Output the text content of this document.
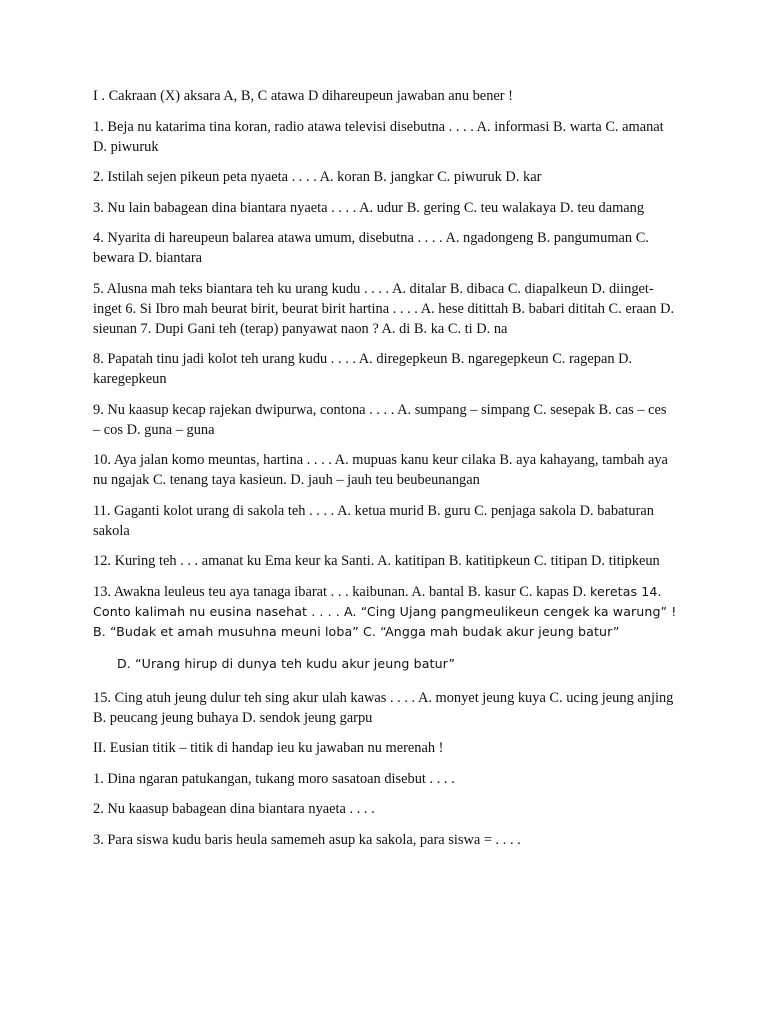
I . Cakraan (X) aksara A, B, C atawa D dihareupeun jawaban anu bener !

1. Beja nu katarima tina koran, radio atawa televisi disebutna . . . . A. informasi B. warta C. amanat D. piwuruk

2. Istilah sejen pikeun peta nyaeta . . . . A. koran B. jangkar C. piwuruk D. kar

3. Nu lain babagean dina biantara nyaeta . . . . A. udur B. gering C. teu walakaya D. teu damang

4. Nyarita di hareupeun balarea atawa umum, disebutna . . . . A. ngadongeng B. pangumuman C. bewara D. biantara

5. Alusna mah teks biantara teh ku urang kudu . . . . A. ditalar B. dibaca C. diapalkeun D. diinget-inget 6. Si Ibro mah beurat birit, beurat birit hartina . . . . A. hese ditittah B. babari dititah C. eraan D. sieunan 7. Dupi Gani teh (terap) panyawat naon ? A. di B. ka C. ti D. na

8. Papatah tinu jadi kolot teh urang kudu . . . . A. diregepkeun B. ngaregepkeun C. ragepan D. karegepkeun

9. Nu kaasup kecap rajekan dwipurwa, contona . . . . A. sumpang – simpang C. sesepak B. cas – ces – cos D. guna – guna

10. Aya jalan komo meuntas, hartina . . . . A. mupuas kanu keur cilaka B. aya kahayang, tambah aya nu ngajak C. tenang taya kasieun. D. jauh – jauh teu beubeunangan

11. Gaganti kolot urang di sakola teh . . . . A. ketua murid B. guru C. penjaga sakola D. babaturan sakola

12. Kuring teh . . . amanat ku Ema keur ka Santi. A. katitipan B. katitipkeun C. titipan D. titipkeun

13. Awakna leuleus teu aya tanaga ibarat . . . kaibunan. A. bantal B. kasur C. kapas D. keretas 14. Conto kalimah nu eusina nasehat . . . . A. “Cing Ujang pangmeulikeun cengek ka warung” ! B. “Budak et amah musuhna meuni loba” C. “Angga mah budak akur jeung batur”

D. “Urang hirup di dunya teh kudu akur jeung batur”

15. Cing atuh jeung dulur teh sing akur ulah kawas . . . . A. monyet jeung kuya C. ucing jeung anjing B. peucang jeung buhaya D. sendok jeung garpu

II. Eusian titik – titik di handap ieu ku jawaban nu merenah !

1. Dina ngaran patukangan, tukang moro sasatoan disebut . . . .

2. Nu kaasup babagean dina biantara nyaeta . . . .

3. Para siswa kudu baris heula samemeh asup ka sakola, para siswa = . . . .
